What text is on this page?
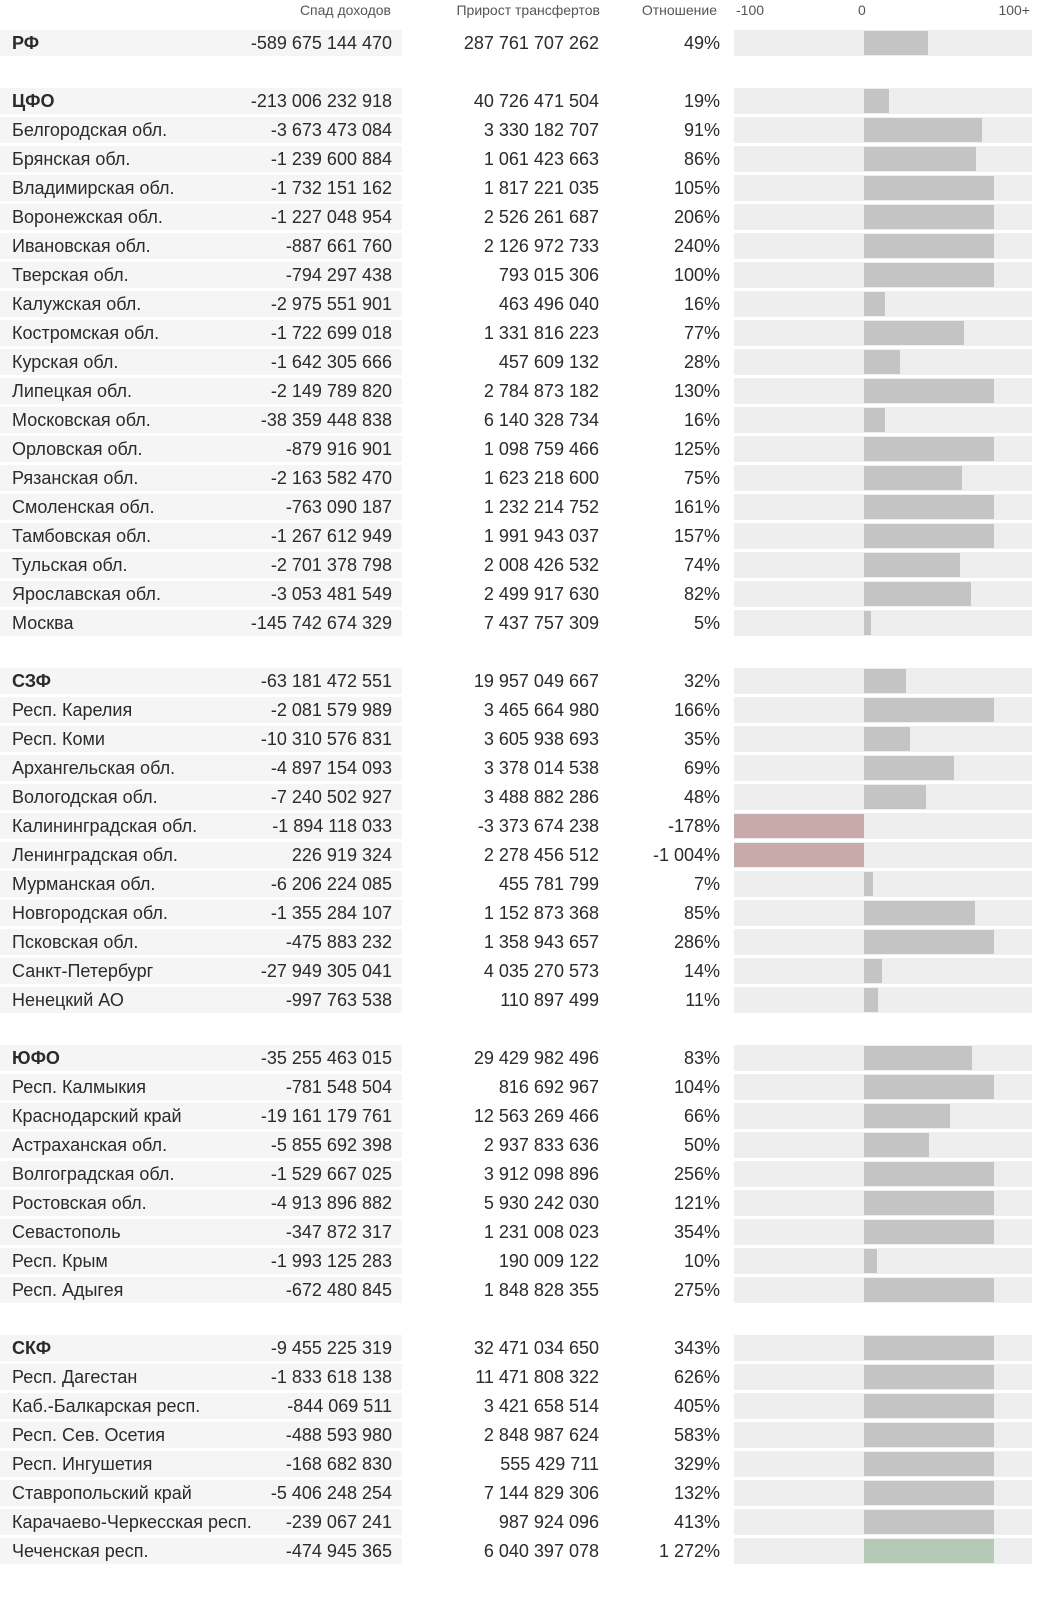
Спад доходов	Прирост трансфертов	Отношение -100	0	100+
РФ	-589 675 144 470	287 761 707 262	49%
ЦФО	-213 006 232 918	40 726 471 504	19%
Белгородская обл.	-3 673 473 084	3 330 182 707	91%
Брянская обл.	-1 239 600 884	1 061 423 663	86%
Владимирская обл.	-1 732 151 162	1 817 221 035	105%
Воронежская обл.	-1 227 048 954	2 526 261 687	206%
Ивановская обл.	-887 661 760	2 126 972 733	240%
Тверская обл.	-794 297 438	793 015 306	100%
Калужская обл.	-2 975 551 901	463 496 040	16%
Костромская обл.	-1 722 699 018	1 331 816 223	77%
Курская обл.	-1 642 305 666	457 609 132	28%
Липецкая обл.	-2 149 789 820	2 784 873 182	130%
Московская обл.	-38 359 448 838	6 140 328 734	16%
Орловская обл.	-879 916 901	1 098 759 466	125%
Рязанская обл.	-2 163 582 470	1 623 218 600	75%
Смоленская обл.	-763 090 187	1 232 214 752	161%
Тамбовская обл.	-1 267 612 949	1 991 943 037	157%
Тульская обл.	-2 701 378 798	2 008 426 532	74%
Ярославская обл.	-3 053 481 549	2 499 917 630	82%
Москва	-145 742 674 329	7 437 757 309	5%
СЗФ	-63 181 472 551	19 957 049 667	32%
Респ. Карелия	-2 081 579 989	3 465 664 980	166%
Респ. Коми	-10 310 576 831	3 605 938 693	35%
Архангельская обл.	-4 897 154 093	3 378 014 538	69%
Вологодская обл.	-7 240 502 927	3 488 882 286	48%
Калининградская обл.	-1 894 118 033	-3 373 674 238	-178%
Ленинградская обл.	226 919 324	2 278 456 512	-1 004%
Мурманская обл.	-6 206 224 085	455 781 799	7%
Новгородская обл.	-1 355 284 107	1 152 873 368	85%
Псковская обл.	-475 883 232	1 358 943 657	286%
Санкт-Петербург	-27 949 305 041	4 035 270 573	14%
Ненецкий АО	-997 763 538	110 897 499	11%
ЮФО	-35 255 463 015	29 429 982 496	83%
Респ. Калмыкия	-781 548 504	816 692 967	104%
Краснодарский край	-19 161 179 761	12 563 269 466	66%
Астраханская обл.	-5 855 692 398	2 937 833 636	50%
Волгоградская обл.	-1 529 667 025	3 912 098 896	256%
Ростовская обл.	-4 913 896 882	5 930 242 030	121%
Севастополь	-347 872 317	1 231 008 023	354%
Респ. Крым	-1 993 125 283	190 009 122	10%
Респ. Адыгея	-672 480 845	1 848 828 355	275%
СКФ	-9 455 225 319	32 471 034 650	343%
Респ. Дагестан	-1 833 618 138	11 471 808 322	626%
Каб.-Балкарская респ.	-844 069 511	3 421 658 514	405%
Респ. Сев. Осетия	-488 593 980	2 848 987 624	583%
Респ. Ингушетия	-168 682 830	555 429 711	329%
Ставропольский край	-5 406 248 254	7 144 829 306	132%
Карачаево-Черкесская респ. -239 067 241	987 924 096	413%
Чеченская респ.	-474 945 365	6 040 397 078	1 272%
